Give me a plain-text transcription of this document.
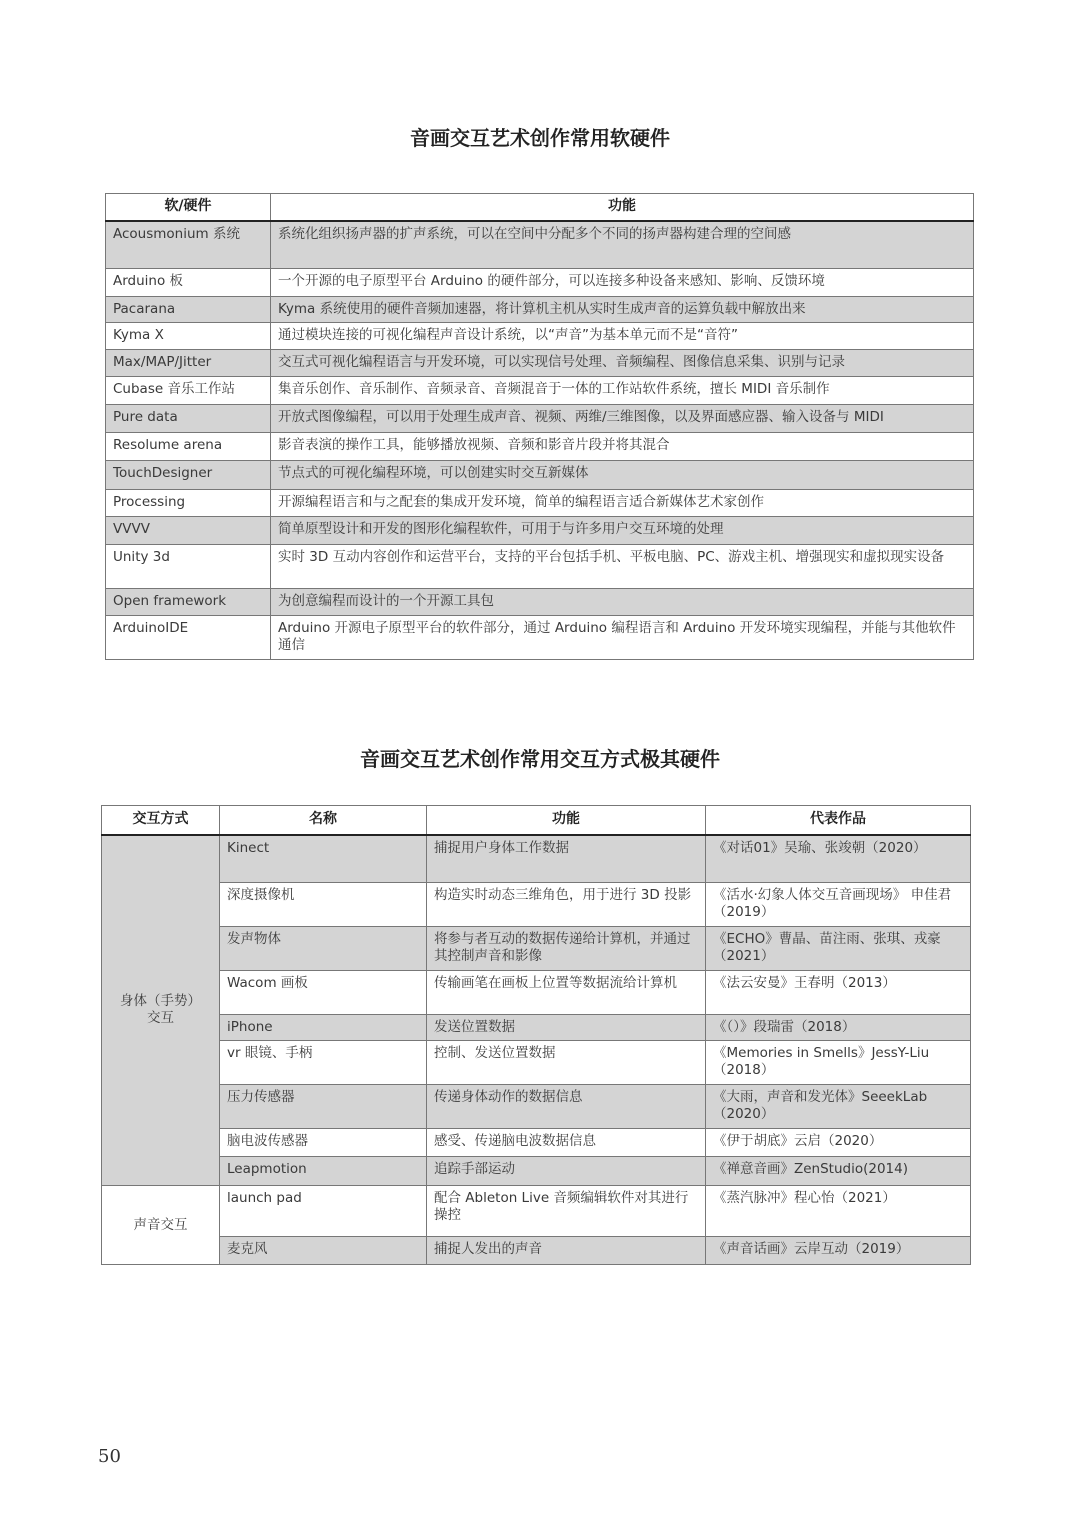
音画交互艺术创作常用软硬件
软/硬件	功能
Acousmonium 系统	系统化组织扬声器的扩声系统，可以在空间中分配多个不同的扬声器构建合理的空间感
Arduino 板	一个开源的电子原型平台 Arduino 的硬件部分，可以连接多种设备来感知、影响、反馈环境
Pacarana	Kyma 系统使用的硬件音频加速器，将计算机主机从实时生成声音的运算负载中解放出来
Kyma X	通过模块连接的可视化编程声音设计系统，以“声音”为基本单元而不是“音符”
Max/MAP/Jitter	交互式可视化编程语言与开发环境，可以实现信号处理、音频编程、图像信息采集、识别与记录
Cubase 音乐工作站	集音乐创作、音乐制作、音频录音、音频混音于一体的工作站软件系统，擅长 MIDI 音乐制作
Pure data	开放式图像编程，可以用于处理生成声音、视频、两维/三维图像，以及界面感应器、输入设备与 MIDI
Resolume arena	影音表演的操作工具，能够播放视频、音频和影音片段并将其混合
TouchDesigner	节点式的可视化编程环境，可以创建实时交互新媒体
Processing	开源编程语言和与之配套的集成开发环境，简单的编程语言适合新媒体艺术家创作
VVVV	简单原型设计和开发的图形化编程软件，可用于与许多用户交互环境的处理
Unity 3d	实时 3D 互动内容创作和运营平台，支持的平台包括手机、平板电脑、PC、游戏主机、增强现实和虚拟现实设备
Open framework	为创意编程而设计的一个开源工具包
ArduinoIDE	Arduino 开源电子原型平台的软件部分，通过 Arduino 编程语言和 Arduino 开发环境实现编程，并能与其他软件通信
音画交互艺术创作常用交互方式极其硬件
交互方式	名称	功能	代表作品
身体（手势）交互	Kinect	捕捉用户身体工作数据	《对话01》吴瑜、张竣朝（2020）
	深度摄像机	构造实时动态三维角色，用于进行 3D 投影	《活水·幻象人体交互音画现场》 申佳君（2019）
	发声物体	将参与者互动的数据传递给计算机，并通过其控制声音和影像	《ECHO》曹晶、苗注雨、张琪、戎豪（2021）
	Wacom 画板	传输画笔在画板上位置等数据流给计算机	《法云安曼》王春明（2013）
	iPhone	发送位置数据	《（）》段瑞雷（2018）
	vr 眼镜、手柄	控制、发送位置数据	《Memories in Smells》JessY-Liu（2018）
	压力传感器	传递身体动作的数据信息	《大雨，声音和发光体》SeeekLab（2020）
	脑电波传感器	感受、传递脑电波数据信息	《伊于胡底》云启（2020）
	Leapmotion	追踪手部运动	《禅意音画》ZenStudio(2014)
声音交互	launch pad	配合 Ableton Live 音频编辑软件对其进行操控	《蒸汽脉冲》程心怡（2021）
	麦克风	捕捉人发出的声音	《声音话画》云岸互动（2019）
50
